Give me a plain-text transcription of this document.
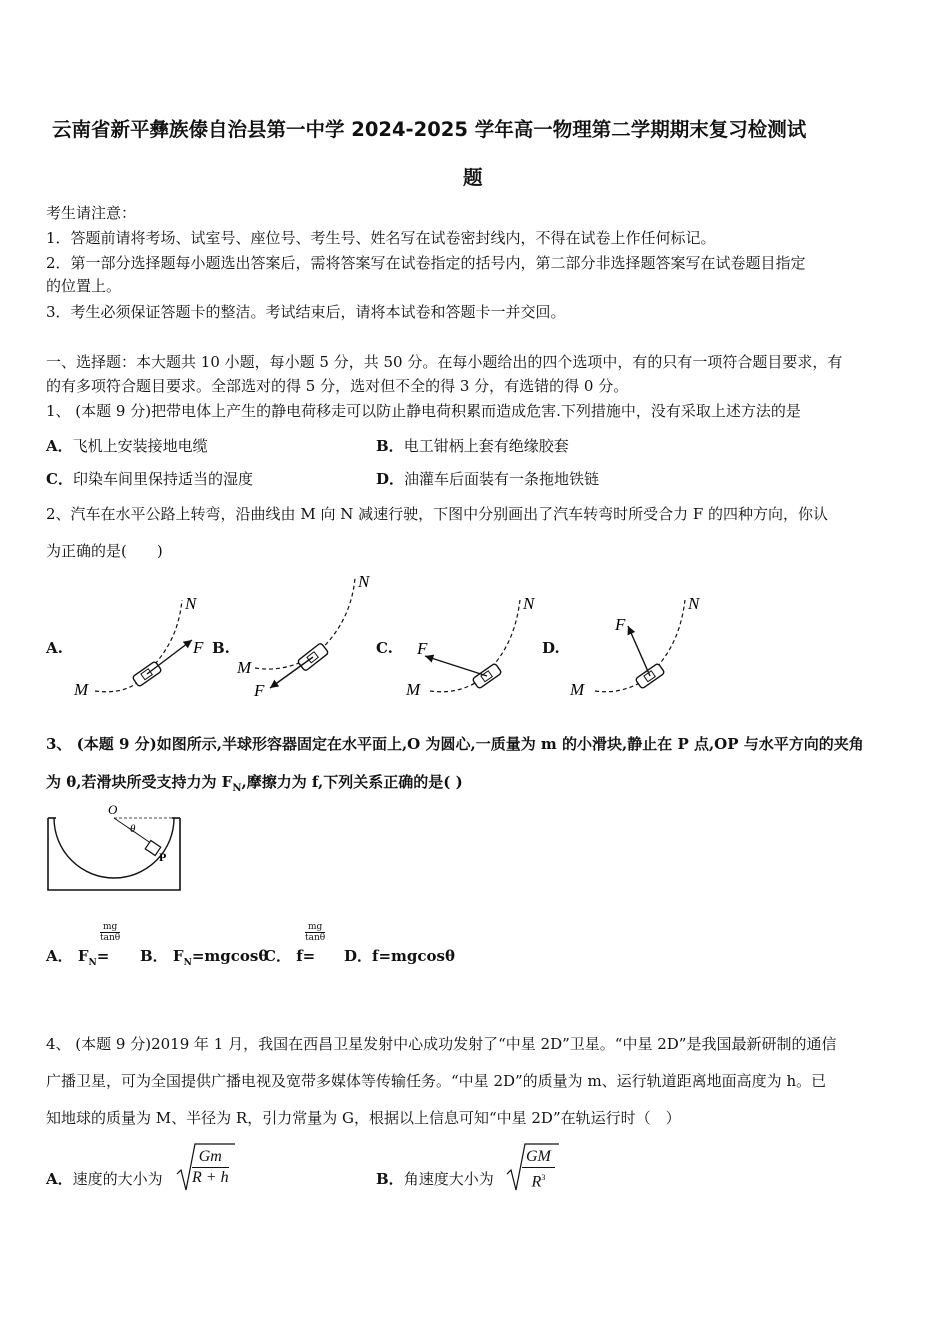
云南省新平彝族傣自治县第一中学 2024-2025 学年高一物理第二学期期末复习检测试
题
考生请注意：
1．答题前请将考场、试室号、座位号、考生号、姓名写在试卷密封线内，不得在试卷上作任何标记。
2．第一部分选择题每小题选出答案后，需将答案写在试卷指定的括号内，第二部分非选择题答案写在试卷题目指定
的位置上。
3．考生必须保证答题卡的整洁。考试结束后，请将本试卷和答题卡一并交回。
一、选择题：本大题共 10 小题，每小题 5 分，共 50 分。在每小题给出的四个选项中，有的只有一项符合题目要求，有
的有多项符合题目要求。全部选对的得 5 分，选对但不全的得 3 分，有选错的得 0 分。
1、 (本题 9 分)把带电体上产生的静电荷移走可以防止静电荷积累而造成危害.下列措施中，没有采取上述方法的是
A．飞机上安装接地电缆	B．电工钳柄上套有绝缘胶套
C．印染车间里保持适当的湿度	D．油灌车后面装有一条拖地铁链
2、汽车在水平公路上转弯，沿曲线由 M 向 N 减速行驶，下图中分别画出了汽车转弯时所受合力 F 的四种方向，你认
为正确的是(　　)
A.	B.	C.	D.
M
N
F
M
N
F	M
N
F
M
N
F
3、 (本题 9 分)如图所示,半球形容器固定在水平面上,O 为圆心,一质量为 m 的小滑块,静止在 P 点,OP 与水平方向的夹角
为 θ,若滑块所受支持力为 $F_N$,摩擦力为 f,下列关系正确的是( )
O
θ
P
A． $F_N=$
$\frac{mg}{\tan\theta}$
B． $F_N=mgcos\theta$
C． f=
$\frac{mg}{\tan\theta}$
D．f=mgcosθ
4、 (本题 9 分)2019 年 1 月，我国在西昌卫星发射中心成功发射了“中星 2D”卫星。“中星 2D”是我国最新研制的通信
广播卫星，可为全国提供广播电视及宽带多媒体等传输任务。“中星 2D”的质量为 m、运行轨道距离地面高度为 h。已
知地球的质量为 M、半径为 R，引力常量为 G，根据以上信息可知“中星 2D”在轨运行时（　）
A．速度的大小为 $\frac{Gm}{R + h}$	B．角速度大小为 $\frac{GM}{R^3}$
